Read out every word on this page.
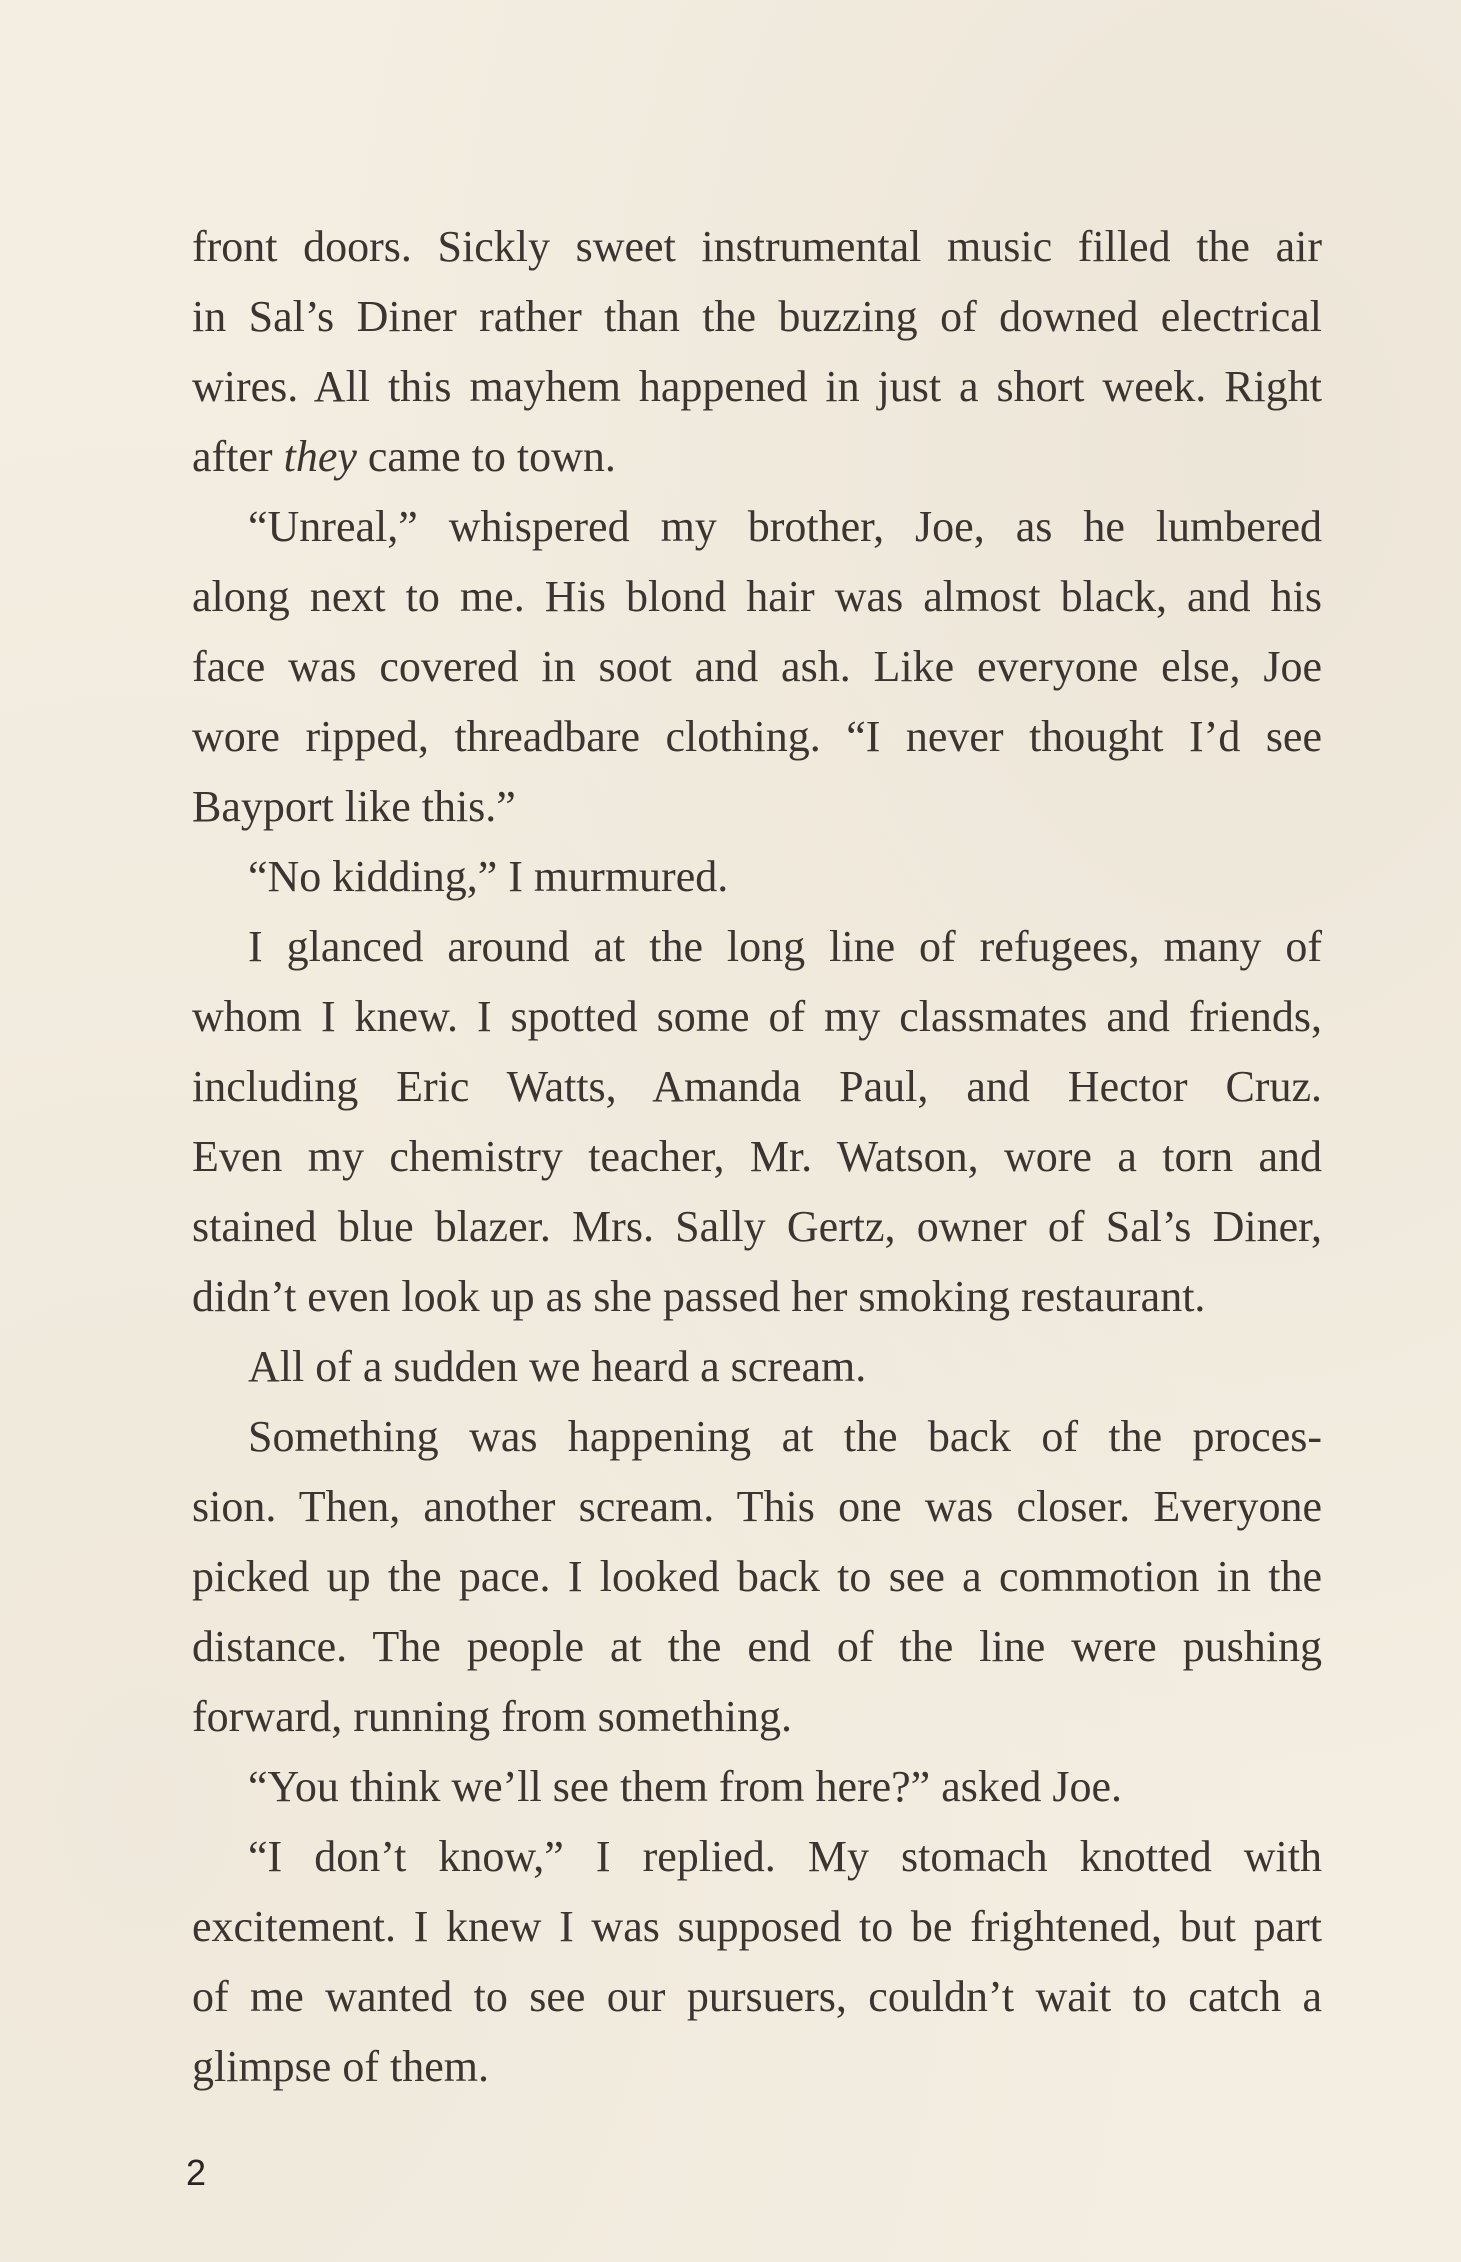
front doors. Sickly sweet instrumental music filled the air
in Sal’s Diner rather than the buzzing of downed electrical
wires. All this mayhem happened in just a short week. Right
after they came to town.

“Unreal,” whispered my brother, Joe, as he lumbered
along next to me. His blond hair was almost black, and his
face was covered in soot and ash. Like everyone else, Joe
wore ripped, threadbare clothing. “I never thought I’d see
Bayport like this.”

“No kidding,” I murmured.

I glanced around at the long line of refugees, many of
whom I knew. I spotted some of my classmates and friends,
including Eric Watts, Amanda Paul, and Hector Cruz.
Even my chemistry teacher, Mr. Watson, wore a torn and
stained blue blazer. Mrs. Sally Gertz, owner of Sal’s Diner,
didn’t even look up as she passed her smoking restaurant.

All of a sudden we heard a scream.

Something was happening at the back of the proces-
sion. Then, another scream. This one was closer. Everyone
picked up the pace. I looked back to see a commotion in the
distance. The people at the end of the line were pushing
forward, running from something.

“You think we’ll see them from here?” asked Joe.

“I don’t know,” I replied. My stomach knotted with
excitement. I knew I was supposed to be frightened, but part
of me wanted to see our pursuers, couldn’t wait to catch a
glimpse of them.

2
